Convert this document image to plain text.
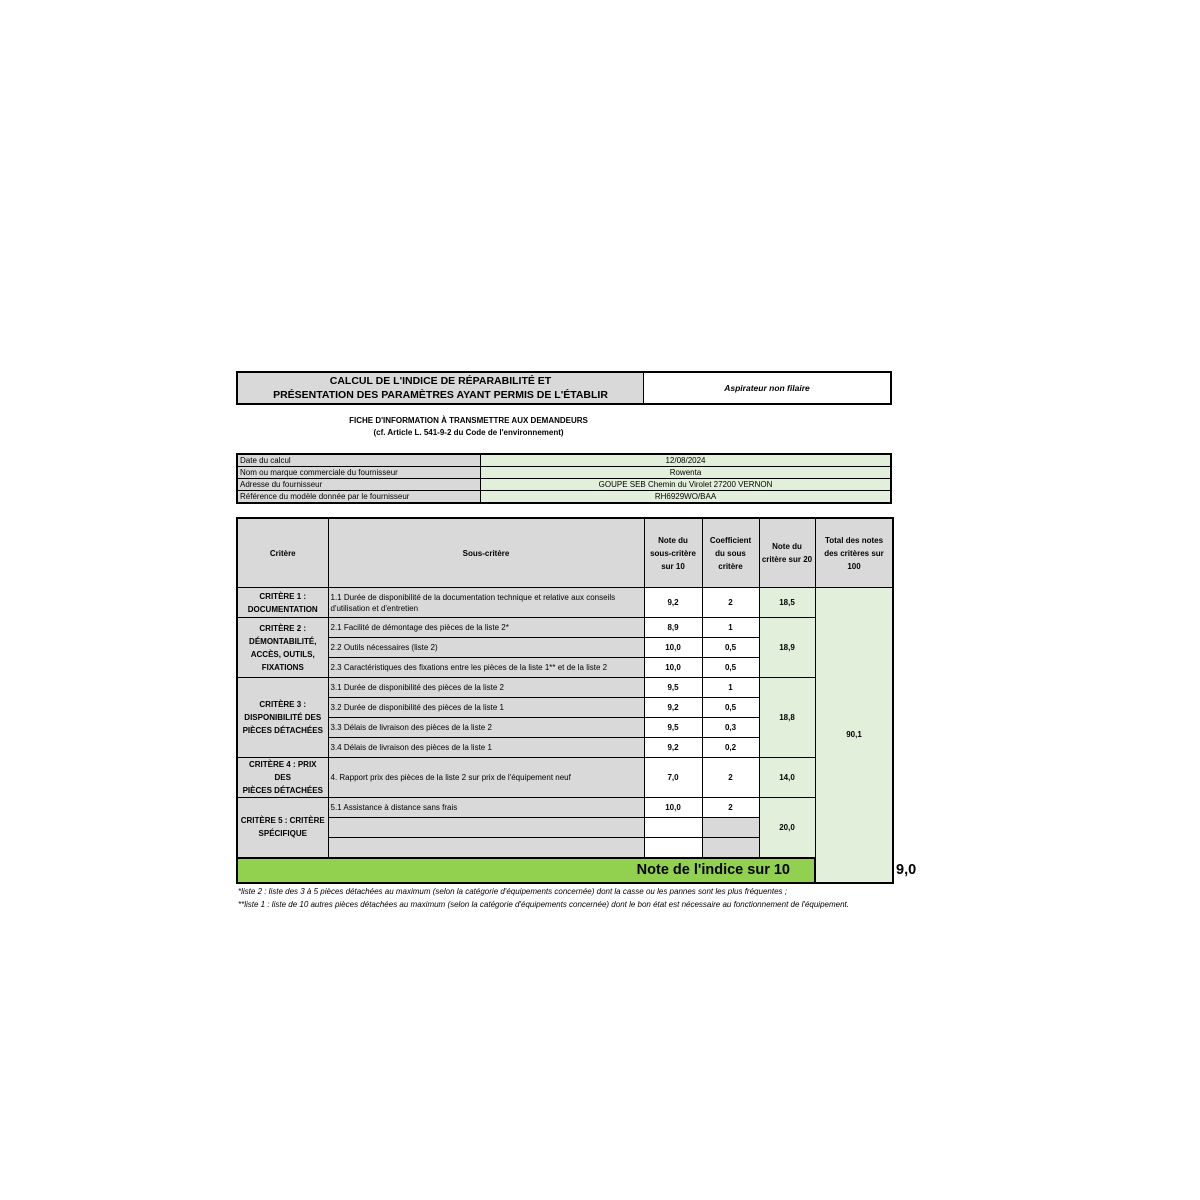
CALCUL DE L'INDICE DE RÉPARABILITÉ ET
PRÉSENTATION DES PARAMÈTRES AYANT PERMIS DE L'ÉTABLIR
Aspirateur non filaire
FICHE D'INFORMATION À TRANSMETTRE AUX DEMANDEURS
(cf. Article L. 541-9-2 du Code de l'environnement)
Date du calcul	12/08/2024
Nom ou marque commerciale du fournisseur	Rowenta
Adresse du fournisseur	GOUPE SEB Chemin du Virolet 27200 VERNON
Référence du modèle donnée par le fournisseur	RH6929WO/BAA
Critère	Sous-critère	Note du sous-critère sur 10	Coefficient du sous critère	Note du critère sur 20	Total des notes des critères sur 100	
CRITÈRE 1 :
DOCUMENTATION	1.1 Durée de disponibilité de la documentation technique et relative aux conseils d'utilisation et d'entretien	9,2	2	18,5	90,1	
CRITÈRE 2 :
DÉMONTABILITÉ,
ACCÈS, OUTILS,
FIXATIONS	2.1 Facilité de démontage des pièces de la liste 2*	8,9	1	18,9		
	2.2 Outils nécessaires (liste 2)	10,0	0,5			
	2.3 Caractéristiques des fixations entre les pièces de la liste 1** et de la liste 2	10,0	0,5			
CRITÈRE 3 :
DISPONIBILITÉ DES
PIÈCES DÉTACHÉES	3.1 Durée de disponibilité des pièces de la liste 2	9,5	1	18,8		
	3.2 Durée de disponibilité des pièces de la liste 1	9,2	0,5			
	3.3 Délais de livraison des pièces de la liste 2	9,5	0,3			
	3.4 Délais de livraison des pièces de la liste 1	9,2	0,2			
CRITÈRE 4 : PRIX DES
PIÈCES DÉTACHÉES	4. Rapport prix des pièces de la liste 2 sur prix de l'équipement neuf	7,0	2	14,0		
CRITÈRE 5 : CRITÈRE
SPÉCIFIQUE	5.1 Assistance à distance sans frais	10,0	2	20,0		

Note de l'indice sur 10						9,0
*liste 2 : liste des 3 à 5 pièces détachées au maximum (selon la catégorie d'équipements concernée) dont la casse ou les pannes sont les plus fréquentes ;
**liste 1 : liste de 10 autres pièces détachées au maximum (selon la catégorie d'équipements concernée) dont le bon état est nécessaire au fonctionnement de l'équipement.
